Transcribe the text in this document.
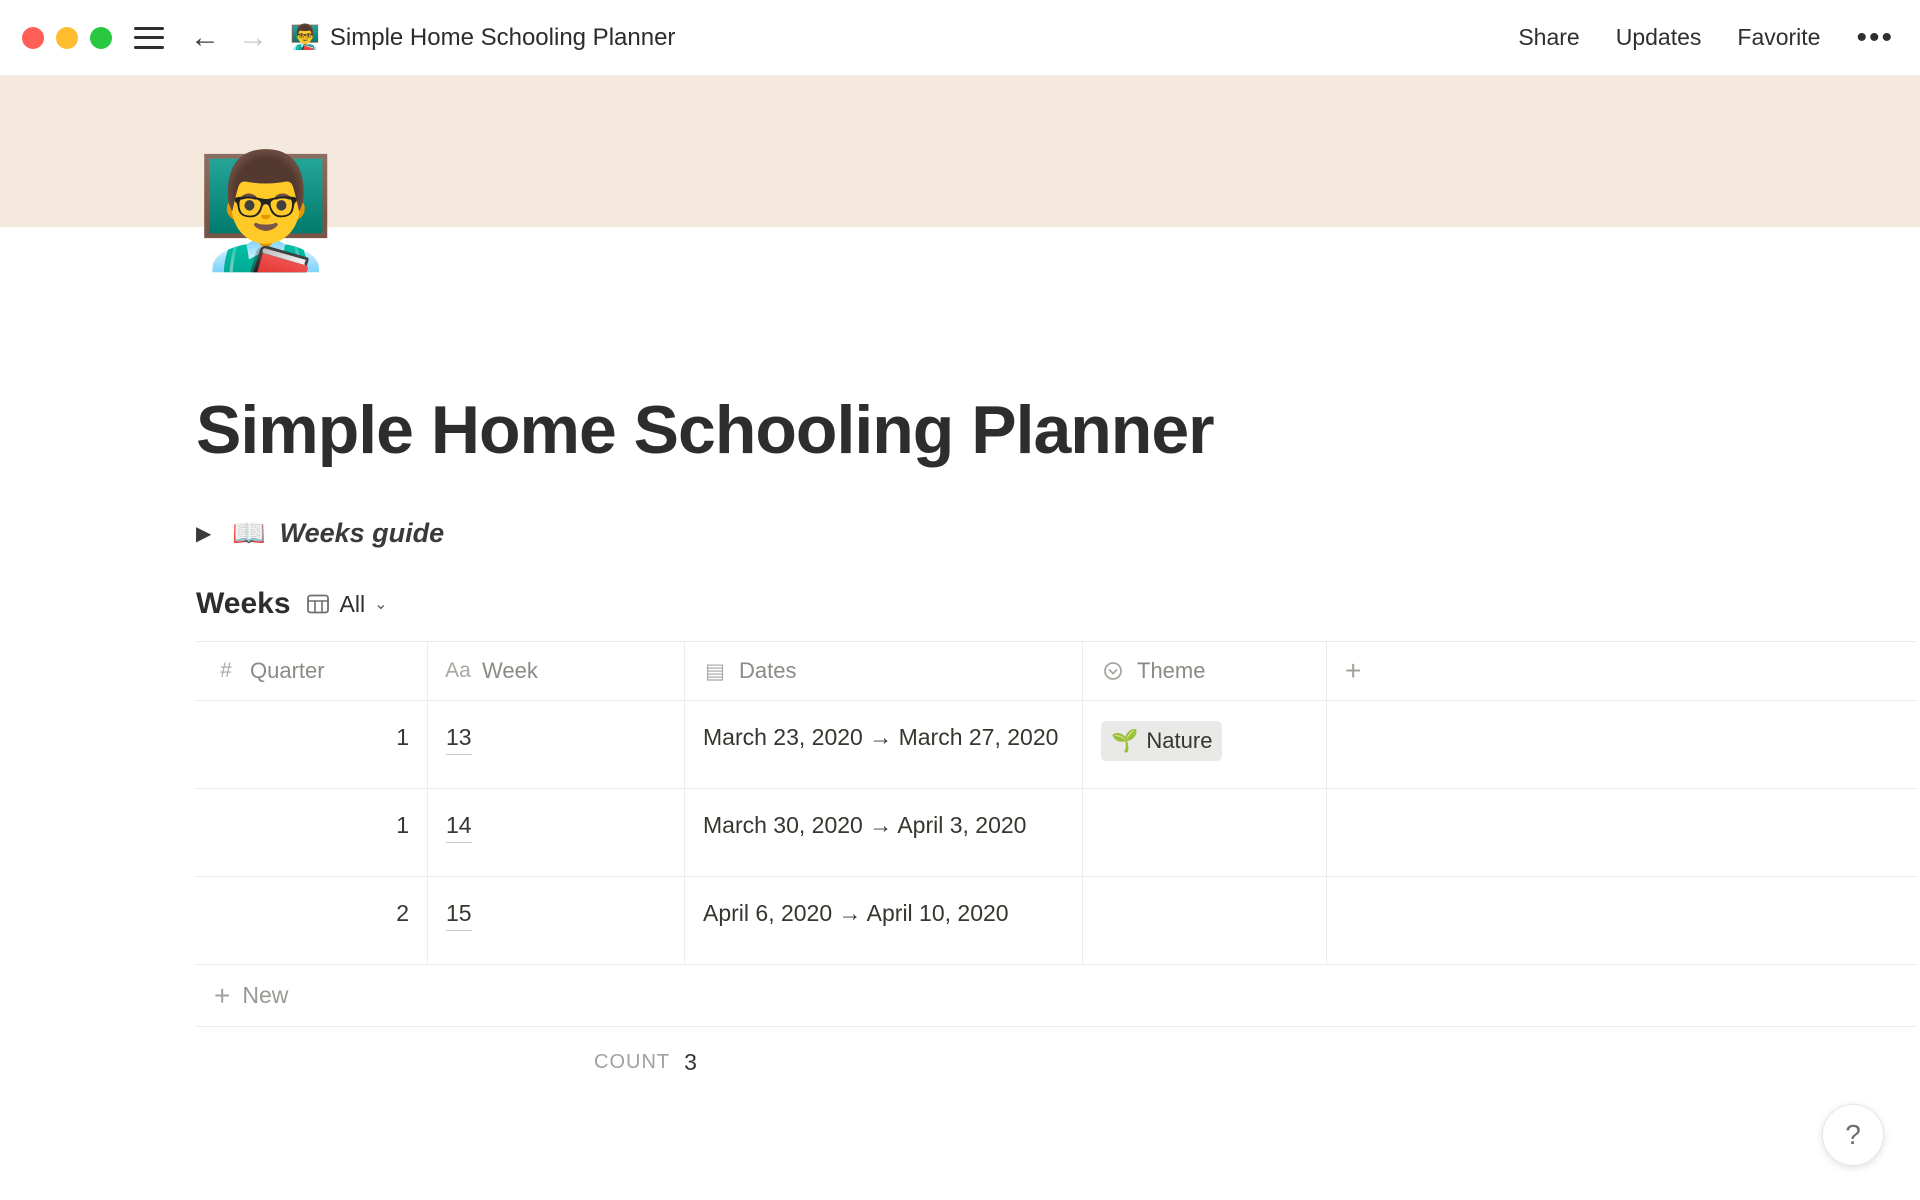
← → 👨‍🏫 Simple Home Schooling Planner	Share Updates Favorite •••
👨‍🏫
Simple Home Schooling Planner
▶ 📖 Weeks guide
Weeks All ⌄
# Quarter	Aa Week	▤ Dates	Theme	+
1	13	March 23, 2020 → March 27, 2020	🌱 Nature
1	14	March 30, 2020 → April 3, 2020
2	15	April 6, 2020 → April 10, 2020
+ New
COUNT 3
?
